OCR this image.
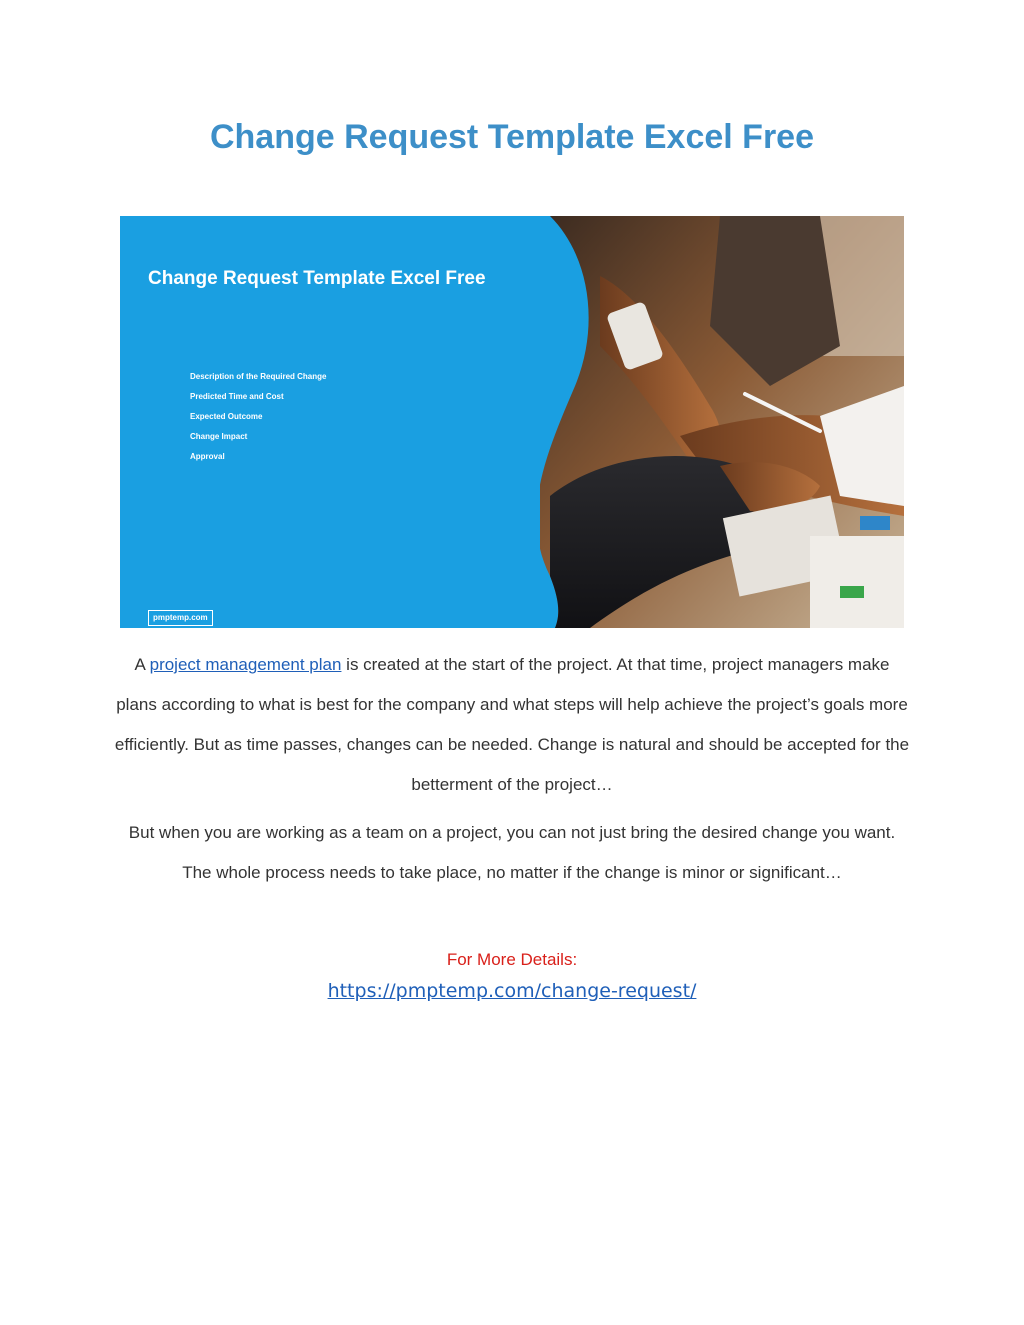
Change Request Template Excel Free
Change Request Template Excel Free
Description of the Required Change
Predicted Time and Cost
Expected Outcome
Change Impact
Approval
pmptemp.com

A project management plan is created at the start of the project. At that time, project managers make plans according to what is best for the company and what steps will help achieve the project’s goals more efficiently. But as time passes, changes can be needed. Change is natural and should be accepted for the betterment of the project…

But when you are working as a team on a project, you can not just bring the desired change you want. The whole process needs to take place, no matter if the change is minor or significant…

For More Details:

https://pmptemp.com/change-request/
